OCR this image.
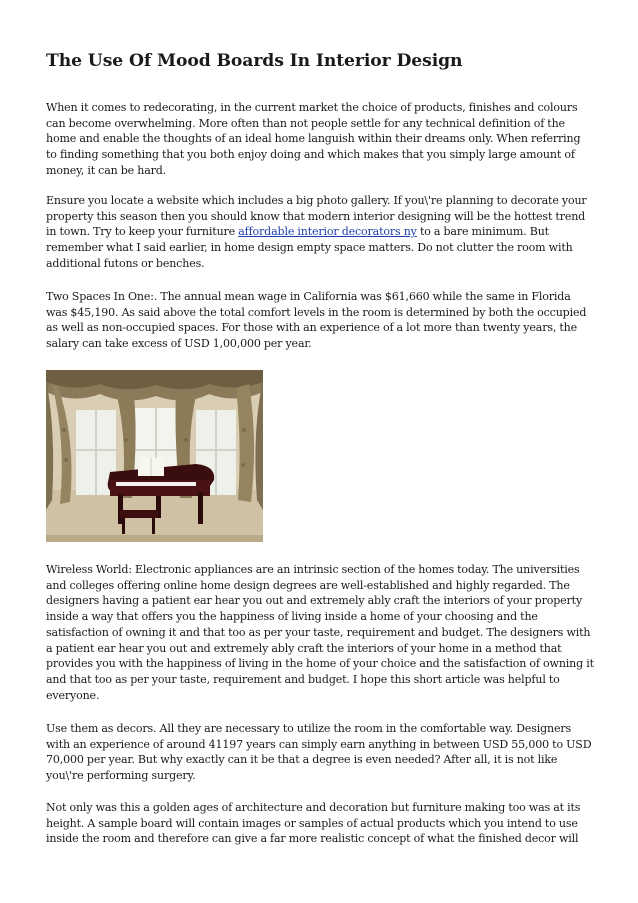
The Use Of Mood Boards In Interior Design

When it comes to redecorating, in the current market the choice of products, finishes and colours can become overwhelming. More often than not people settle for any technical definition of the home and enable the thoughts of an ideal home languish within their dreams only. When referring to finding something that you both enjoy doing and which makes that you simply large amount of money, it can be hard.

Ensure you locate a website which includes a big photo gallery. If you\'re planning to decorate your property this season then you should know that modern interior designing will be the hottest trend in town. Try to keep your furniture affordable interior decorators ny to a bare minimum. But remember what I said earlier, in home design empty space matters. Do not clutter the room with additional futons or benches.

Two Spaces In One:. The annual mean wage in California was $61,660 while the same in Florida was $45,190. As said above the total comfort levels in the room is determined by both the occupied as well as non-occupied spaces. For those with an experience of a lot more than twenty years, the salary can take excess of USD 1,00,000 per year.

Wireless World: Electronic appliances are an intrinsic section of the homes today. The universities and colleges offering online home design degrees are well-established and highly regarded. The designers having a patient ear hear you out and extremely ably craft the interiors of your property inside a way that offers you the happiness of living inside a home of your choosing and the satisfaction of owning it and that too as per your taste, requirement and budget. The designers with a patient ear hear you out and extremely ably craft the interiors of your home in a method that provides you with the happiness of living in the home of your choice and the satisfaction of owning it and that too as per your taste, requirement and budget. I hope this short article was helpful to everyone.

Use them as decors. All they are necessary to utilize the room in the comfortable way. Designers with an experience of around 41197 years can simply earn anything in between USD 55,000 to USD 70,000 per year. But why exactly can it be that a degree is even needed? After all, it is not like you\'re performing surgery.

Not only was this a golden ages of architecture and decoration but furniture making too was at its height. A sample board will contain images or samples of actual products which you intend to use inside the room and therefore can give a far more realistic concept of what the finished decor will
